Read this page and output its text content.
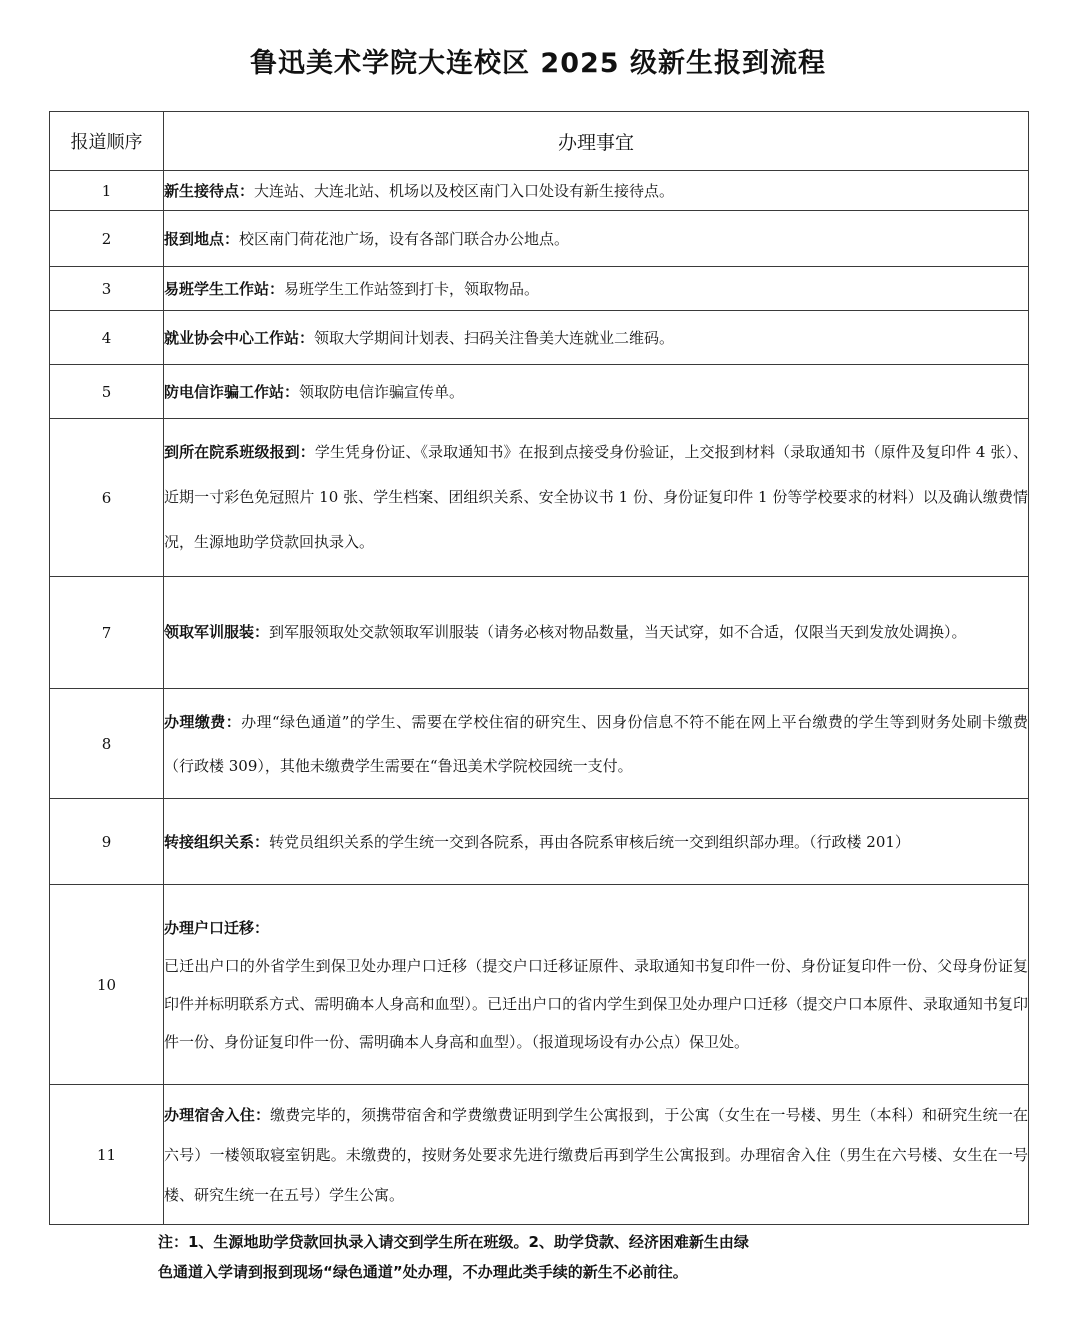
鲁迅美术学院大连校区 2025 级新生报到流程
报道顺序	办理事宜
1	新生接待点：大连站、大连北站、机场以及校区南门入口处设有新生接待点。
2	报到地点：校区南门荷花池广场，设有各部门联合办公地点。
3	易班学生工作站：易班学生工作站签到打卡，领取物品。
4	就业协会中心工作站：领取大学期间计划表、扫码关注鲁美大连就业二维码。
5	防电信诈骗工作站：领取防电信诈骗宣传单。
6	到所在院系班级报到：学生凭身份证、《录取通知书》在报到点接受身份验证，上交报到材料（录取通知书（原件及复印件 4 张）、近期一寸彩色免冠照片 10 张、学生档案、团组织关系、安全协议书 1 份、身份证复印件 1 份等学校要求的材料）以及确认缴费情况，生源地助学贷款回执录入。
7	领取军训服装：到军服领取处交款领取军训服装（请务必核对物品数量，当天试穿，如不合适，仅限当天到发放处调换）。
8	办理缴费：办理“绿色通道”的学生、需要在学校住宿的研究生、因身份信息不符不能在网上平台缴费的学生等到财务处刷卡缴费（行政楼 309），其他未缴费学生需要在“鲁迅美术学院校园统一支付。
9	转接组织关系：转党员组织关系的学生统一交到各院系，再由各院系审核后统一交到组织部办理。（行政楼 201）
10	办理户口迁移：
已迁出户口的外省学生到保卫处办理户口迁移（提交户口迁移证原件、录取通知书复印件一份、身份证复印件一份、父母身份证复印件并标明联系方式、需明确本人身高和血型）。已迁出户口的省内学生到保卫处办理户口迁移（提交户口本原件、录取通知书复印件一份、身份证复印件一份、需明确本人身高和血型）。（报道现场设有办公点）保卫处。

11	办理宿舍入住：缴费完毕的，须携带宿舍和学费缴费证明到学生公寓报到，于公寓（女生在一号楼、男生（本科）和研究生统一在六号）一楼领取寝室钥匙。未缴费的，按财务处要求先进行缴费后再到学生公寓报到。办理宿舍入住（男生在六号楼、女生在一号楼、研究生统一在五号）学生公寓。
注：1、生源地助学贷款回执录入请交到学生所在班级。2、助学贷款、经济困难新生由绿
色通道入学请到报到现场“绿色通道”处办理，不办理此类手续的新生不必前往。
